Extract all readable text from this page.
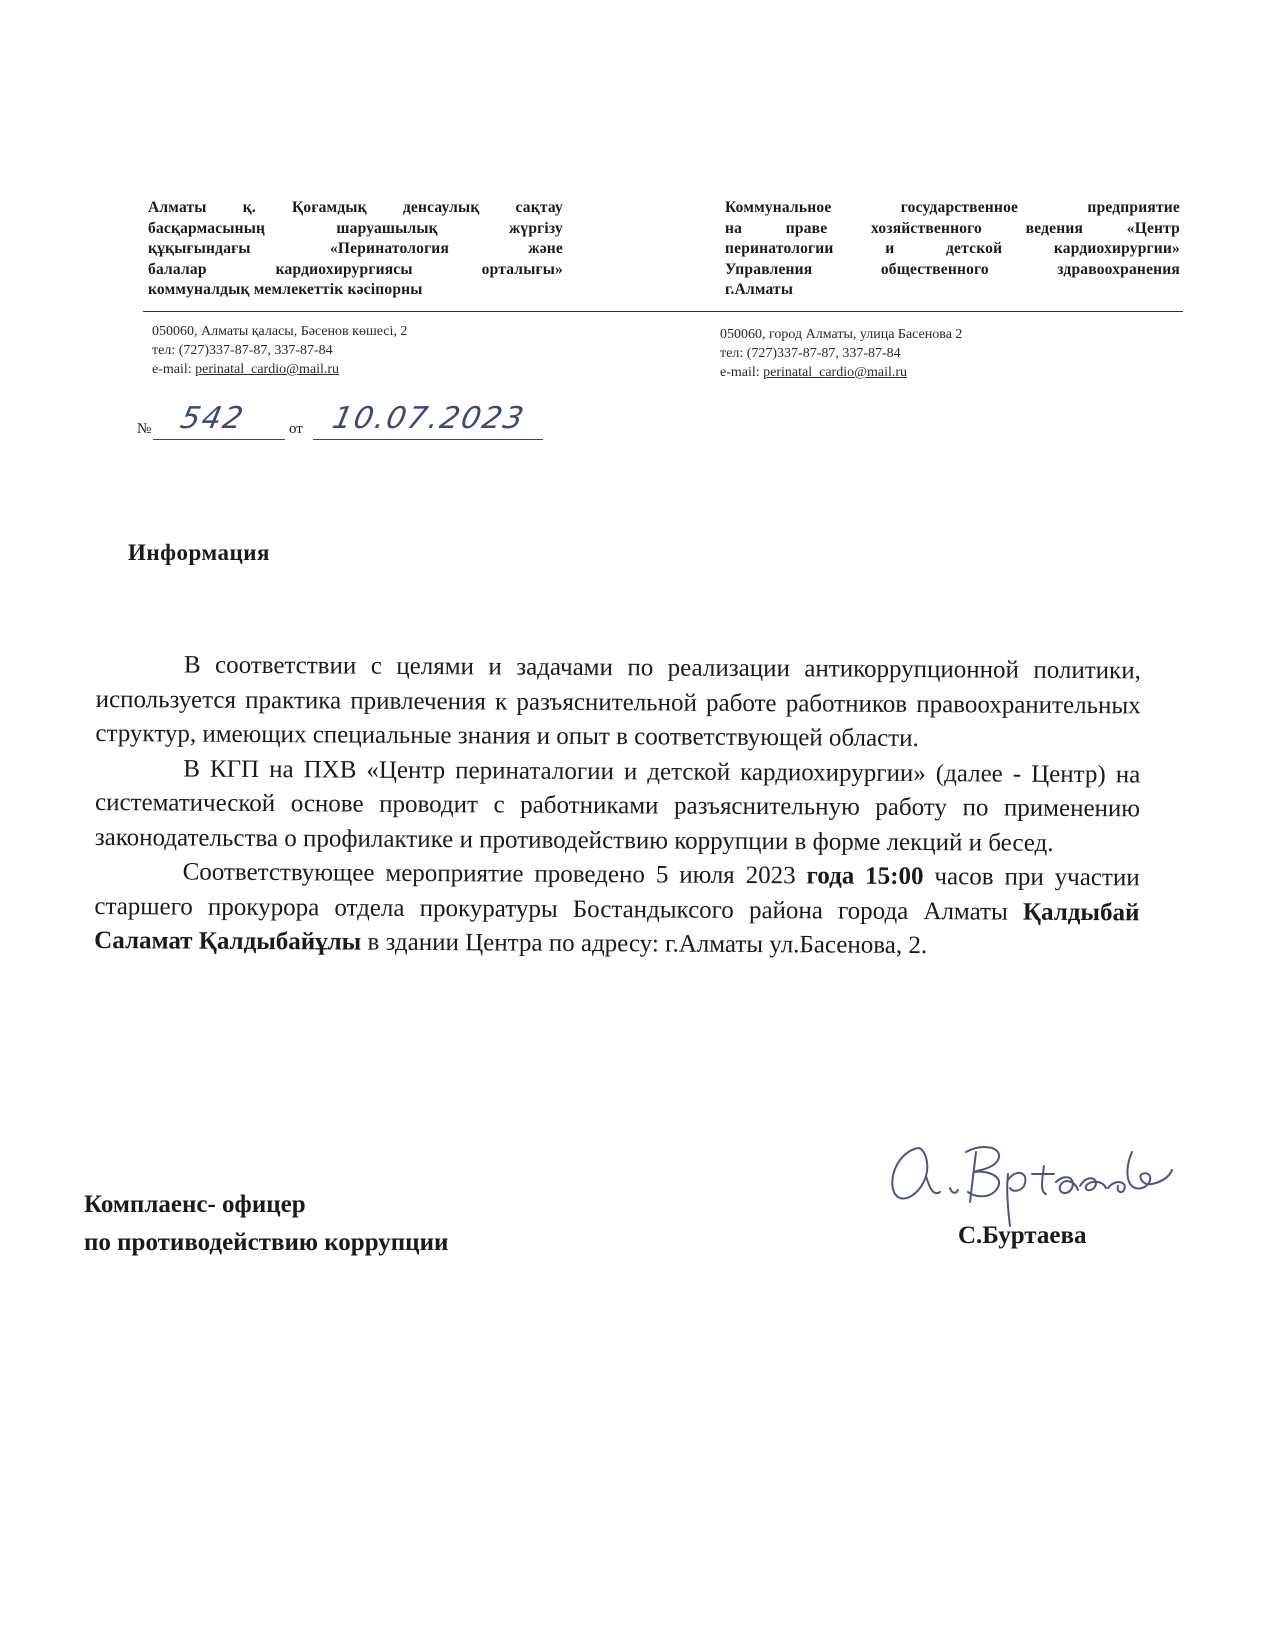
Алматы қ. Қоғамдық денсаулық сақтау
басқармасының шаруашылық жүргізу
құқығындағы «Перинатология және
балалар кардиохирургиясы орталығы»
коммуналдық мемлекеттік кәсіпорны
Коммунальное государственное предприятие
на праве хозяйственного ведения «Центр
перинатологии и детской кардиохирургии»
Управления общественного здравоохранения
г.Алматы
050060, Алматы қаласы, Бәсенов көшесі, 2
тел: (727)337-87-87, 337-87-84
e-mail: perinatal_cardio@mail.ru
050060, город Алматы, улица Басенова 2
тел: (727)337-87-87, 337-87-84
e-mail: perinatal_cardio@mail.ru
№ 542	от 10.07.2023
Информация

В соответствии с целями и задачами по реализации антикоррупционной политики, используется практика привлечения к разъяснительной работе работников правоохранительных структур, имеющих специальные знания и опыт в соответствующей области.

В КГП на ПХВ «Центр перинаталогии и детской кардиохирургии» (далее - Центр) на систематической основе проводит с работниками разъяснительную работу по применению законодательства о профилактике и противодействию коррупции в форме лекций и бесед.

Соответствующее мероприятие проведено 5 июля 2023 года 15:00 часов при участии старшего прокурора отдела прокуратуры Бостандыксого района города Алматы Қалдыбай Саламат Қалдыбайұлы в здании Центра по адресу: г.Алматы ул.Басенова, 2.

Комплаенс- офицер
по противодействию коррупции	С.Буртаева
